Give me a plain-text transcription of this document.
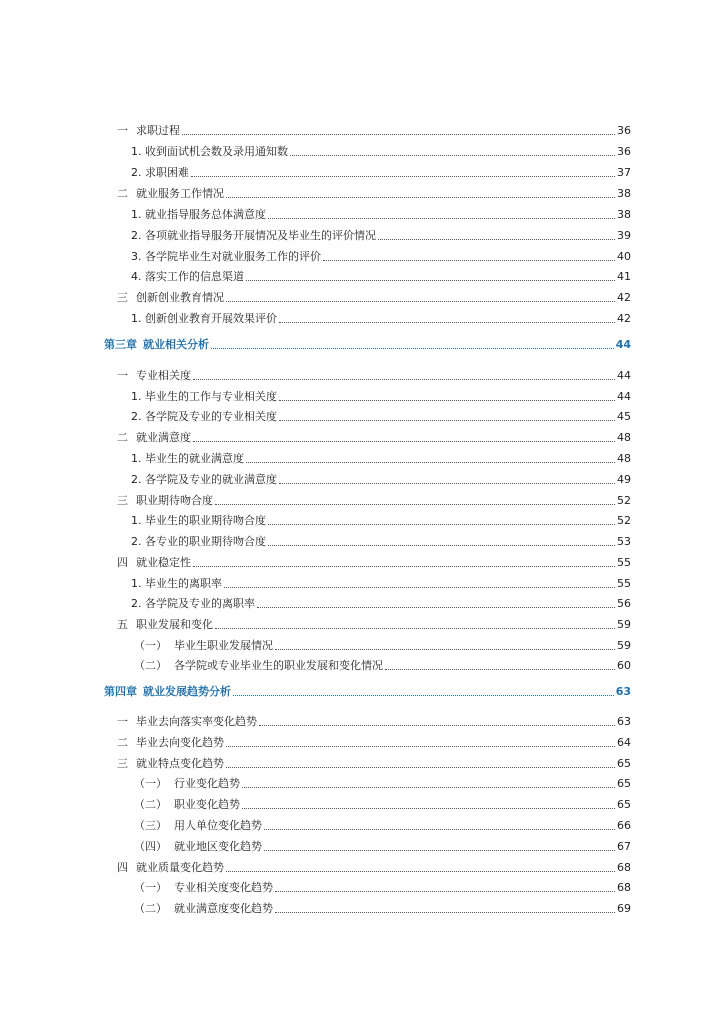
一 求职过程	36
1. 收到面试机会数及录用通知数	36
2. 求职困难	37
二 就业服务工作情况	38
1. 就业指导服务总体满意度	38
2. 各项就业指导服务开展情况及毕业生的评价情况	39
3. 各学院毕业生对就业服务工作的评价	40
4. 落实工作的信息渠道	41
三 创新创业教育情况	42
1. 创新创业教育开展效果评价	42
第三章 就业相关分析	44
一 专业相关度	44
1. 毕业生的工作与专业相关度	44
2. 各学院及专业的专业相关度	45
二 就业满意度	48
1. 毕业生的就业满意度	48
2. 各学院及专业的就业满意度	49
三 职业期待吻合度	52
1. 毕业生的职业期待吻合度	52
2. 各专业的职业期待吻合度	53
四 就业稳定性	55
1. 毕业生的离职率	55
2. 各学院及专业的离职率	56
五 职业发展和变化	59
（一） 毕业生职业发展情况	59
（二） 各学院或专业毕业生的职业发展和变化情况	60
第四章 就业发展趋势分析	63
一 毕业去向落实率变化趋势	63
二 毕业去向变化趋势	64
三 就业特点变化趋势	65
（一） 行业变化趋势	65
（二） 职业变化趋势	65
（三） 用人单位变化趋势	66
（四） 就业地区变化趋势	67
四 就业质量变化趋势	68
（一） 专业相关度变化趋势	68
（二） 就业满意度变化趋势	69
